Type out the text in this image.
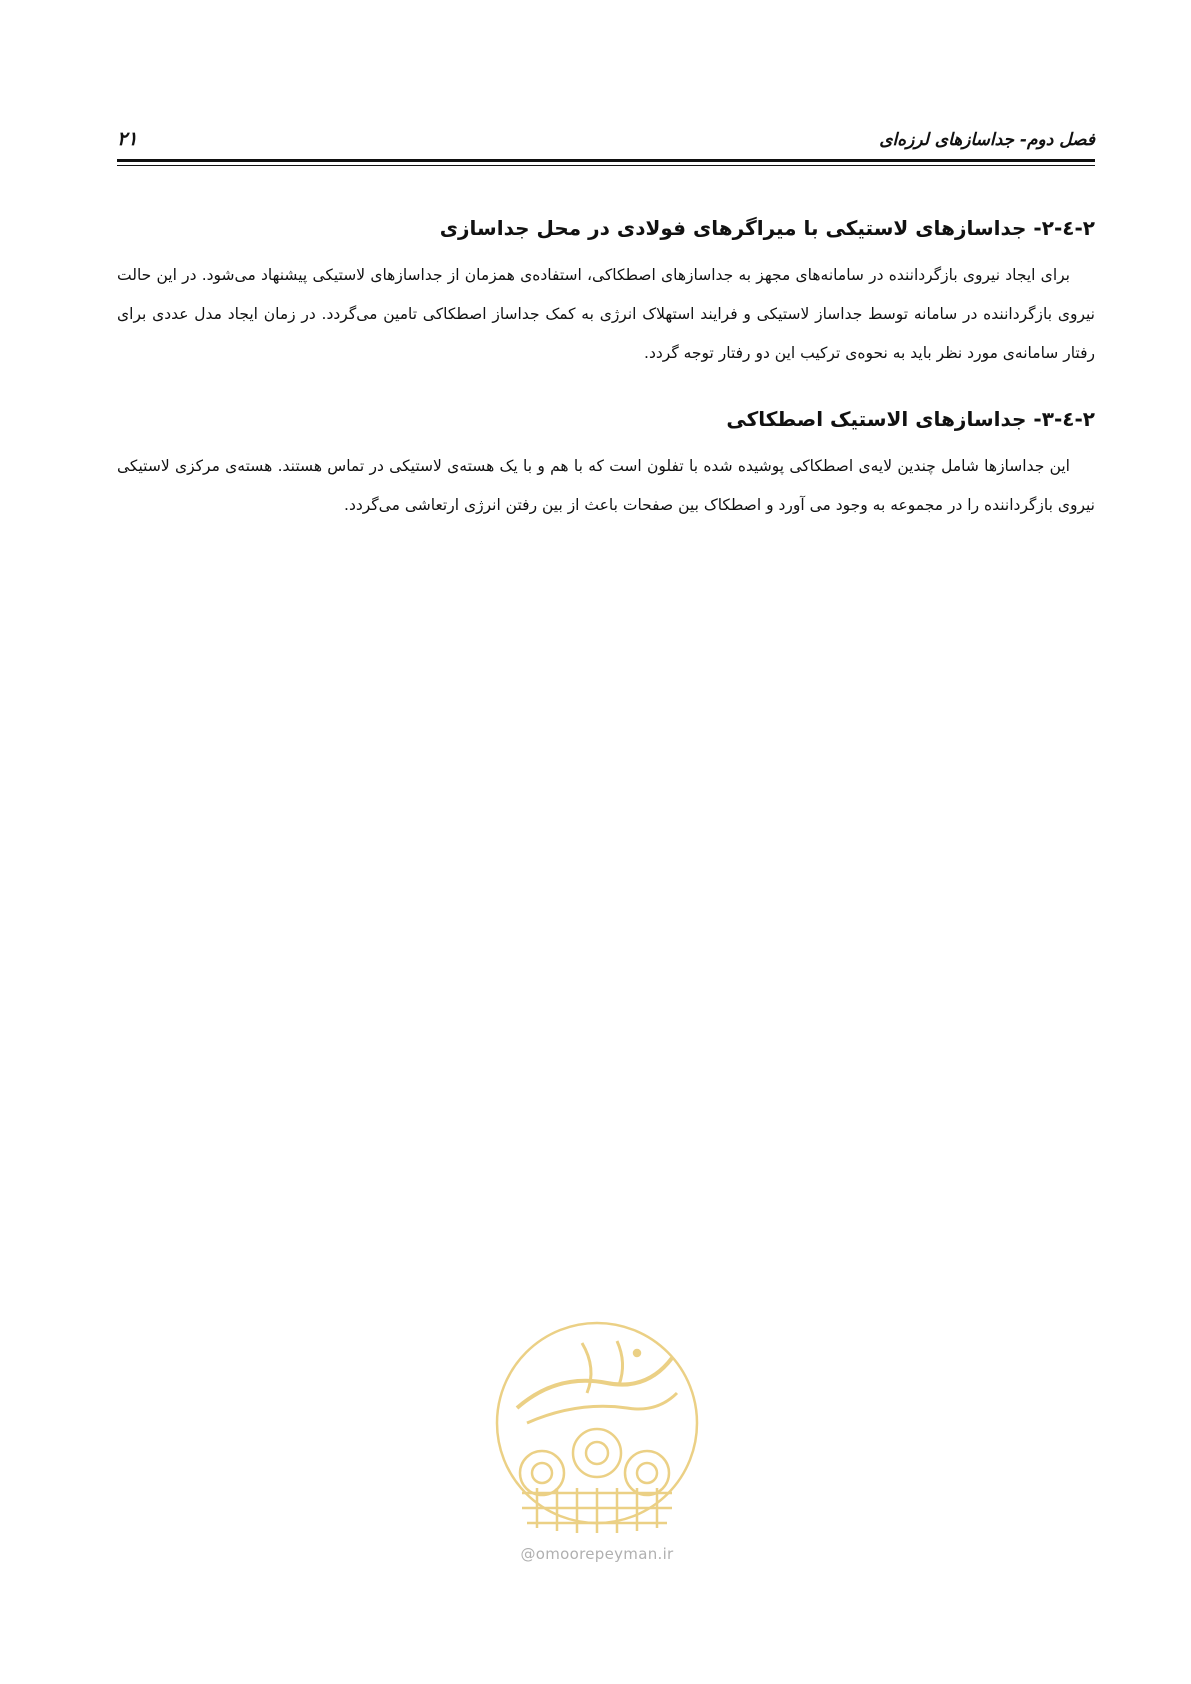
فصل دوم- جداسازهای لرزه‌ای
۲۱
۲-٤-۲- جداسازهای لاستیکی با میراگرهای فولادی در محل جداسازی

برای ایجاد نیروی بازگرداننده در سامانه‌های مجهز به جداسازهای اصطکاکی، استفاده‌ی همزمان از جداسازهای لاستیکی پیشنهاد می‌شود. در این حالت نیروی بازگرداننده در سامانه توسط جداساز لاستیکی و فرایند استهلاک انرژی به کمک جداساز اصطکاکی تامین می‌گردد. در زمان ایجاد مدل عددی برای رفتار سامانه‌ی مورد نظر باید به نحوه‌ی ترکیب این دو رفتار توجه گردد.

۲-٤-۳- جداسازهای الاستیک اصطکاکی

این جداسازها شامل چندین لایه‌ی اصطکاکی پوشیده شده با تفلون است که با هم و با یک هسته‌ی لاستیکی در تماس هستند. هسته‌ی مرکزی لاستیکی نیروی بازگرداننده را در مجموعه به وجود می آورد و اصطکاک بین صفحات باعث از بین رفتن انرژی ارتعاشی می‌گردد.

@omoorepeyman.ir
